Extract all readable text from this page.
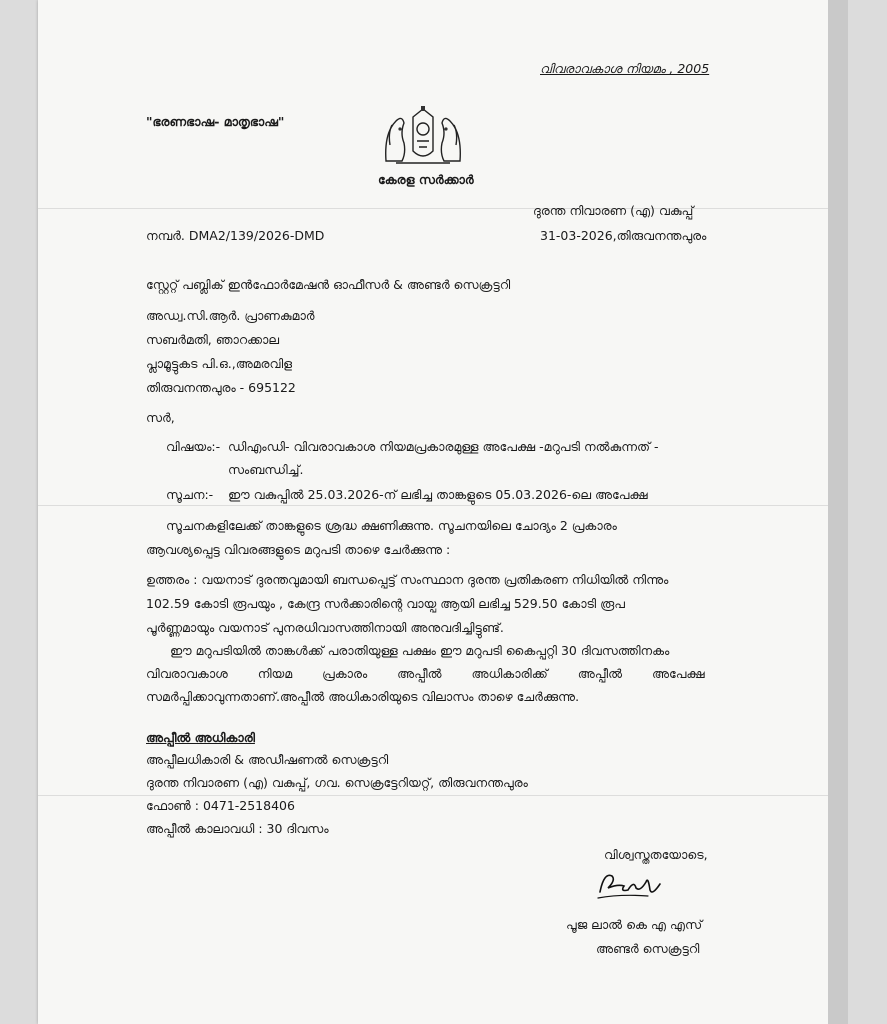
വിവരാവകാശ നിയമം , 2005
"ഭരണഭാഷ- മാതൃഭാഷ"
കേരള സർക്കാർ
ദുരന്ത നിവാരണ (എ) വകുപ്പ്
നമ്പർ. DMA2/139/2026-DMD	31-03-2026,തിരുവനന്തപുരം
സ്റ്റേറ്റ് പബ്ലിക് ഇൻഫോർമേഷൻ ഓഫീസർ & അണ്ടർ സെക്രട്ടറി
അഡ്വ.സി.ആർ. പ്രാണകുമാർ
സബർമതി, ഞാറക്കാല
പ്ലാമൂട്ടുകട പി.ഒ.,അമരവിള
തിരുവനന്തപുരം - 695122
സർ,
വിഷയം:- ഡിഎംഡി- വിവരാവകാശ നിയമപ്രകാരമുള്ള അപേക്ഷ -മറുപടി നൽകുന്നത് -
സംബന്ധിച്ച്.
സൂചന:- ഈ വകുപ്പിൽ 25.03.2026-ന് ലഭിച്ച താങ്കളുടെ 05.03.2026-ലെ അപേക്ഷ
സൂചനകളിലേക്ക് താങ്കളുടെ ശ്രദ്ധ ക്ഷണിക്കുന്നു. സൂചനയിലെ ചോദ്യം 2 പ്രകാരം
ആവശ്യപ്പെട്ട വിവരങ്ങളുടെ മറുപടി താഴെ ചേർക്കുന്നു :
ഉത്തരം : വയനാട് ദുരന്തവുമായി ബന്ധപ്പെട്ട് സംസ്ഥാന ദുരന്ത പ്രതികരണ നിധിയിൽ നിന്നും
102.59 കോടി രൂപയും , കേന്ദ്ര സർക്കാരിന്റെ വായ്പ ആയി ലഭിച്ച 529.50 കോടി രൂപ
പൂർണ്ണമായും വയനാട് പുനരധിവാസത്തിനായി അനുവദിച്ചിട്ടുണ്ട്.
ഈ മറുപടിയിൽ താങ്കൾക്ക് പരാതിയുള്ള പക്ഷം ഈ മറുപടി കൈപ്പറ്റി 30 ദിവസത്തിനകം
വിവരാവകാശ നിയമ പ്രകാരം അപ്പീൽ അധികാരിക്ക് അപ്പീൽ അപേക്ഷ
സമർപ്പിക്കാവുന്നതാണ്.അപ്പീൽ അധികാരിയുടെ വിലാസം താഴെ ചേർക്കുന്നു.
അപ്പീൽ അധികാരി
അപ്പീലധികാരി & അഡീഷണൽ സെക്രട്ടറി
ദുരന്ത നിവാരണ (എ) വകുപ്പ്, ഗവ. സെക്രട്ടേറിയറ്റ്, തിരുവനന്തപുരം
ഫോൺ : 0471-2518406
അപ്പീൽ കാലാവധി : 30 ദിവസം
വിശ്വസ്തതയോടെ,
പൂജ ലാൽ കെ എ എസ്
അണ്ടർ സെക്രട്ടറി
